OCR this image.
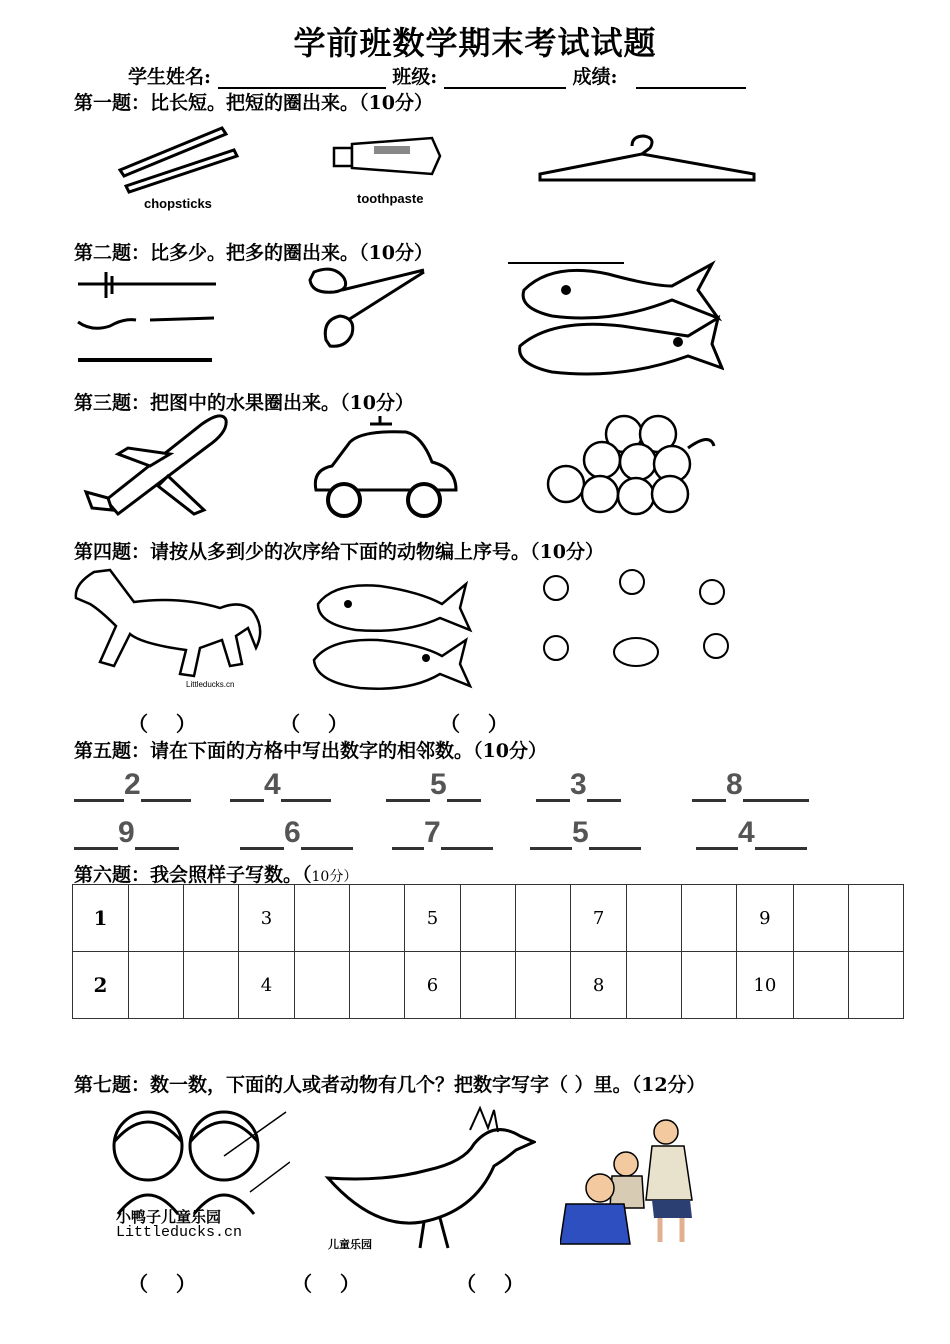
学前班数学期末考试试题
学生姓名:	班级:	成绩:
第一题：比长短。把短的圈出来。（10分）
chopsticks	toothpaste
第二题：比多少。把多的圈出来。（10分）
第三题：把图中的水果圈出来。（10分）
第四题：请按从多到少的次序给下面的动物编上序号。（10分）
Littleducks.cn
（    ）	（    ）	（    ）
第五题：请在下面的方格中写出数字的相邻数。（10分）
2	4	5	3	8
9	6	7	5	4
第六题：我会照样子写数。（10分）
1			3			5			7			9		
2			4			6			8			10		
第七题：数一数，下面的人或者动物有几个？把数字写字（ ）里。（12分）
小鸭子儿童乐园
Littleducks.cn
儿童乐园
（    ）	（    ）	（    ）
